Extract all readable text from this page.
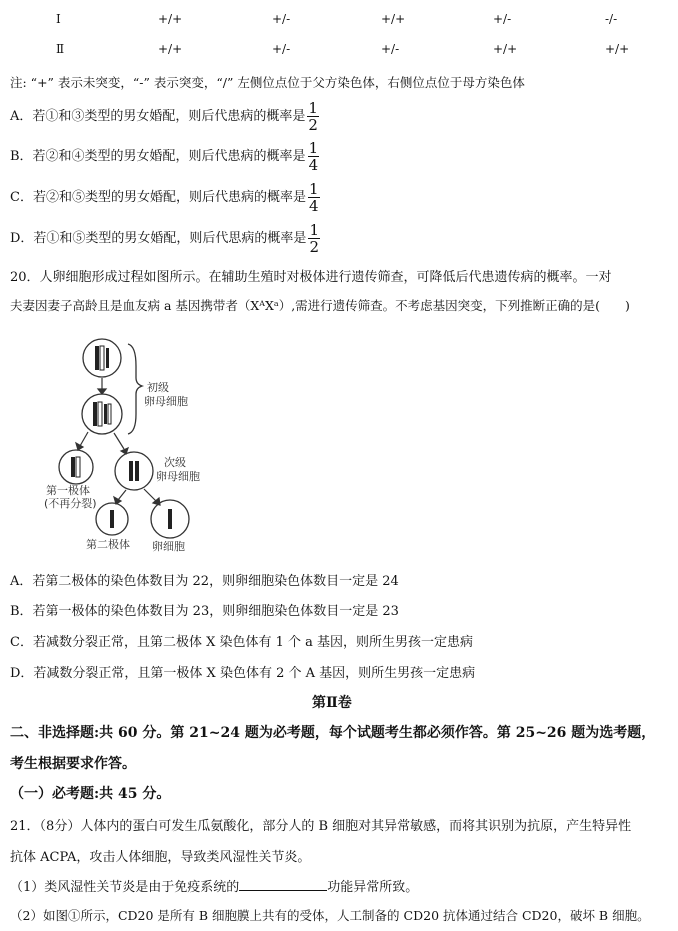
Ⅰ	+/+	+/-	+/+	+/-	-/-
Ⅱ	+/+	+/-	+/-	+/+	+/+
注: “+” 表示未突变，“-” 表示突变，“/” 左侧位点位于父方染色体，右侧位点位于母方染色体
A．若①和③类型的男女婚配，则后代患病的概率是 $\frac{1}{2}$
B．若②和④类型的男女婚配，则后代患病的概率是 $\frac{1}{4}$
C．若②和⑤类型的男女婚配，则后代患病的概率是 $\frac{1}{4}$
D．若①和⑤类型的男女婚配，则后代思病的概率是 $\frac{1}{2}$
20．人卵细胞形成过程如图所示。在辅助生殖时对极体进行遗传筛查，可降低后代患遗传病的概率。一对
夫妻因妻子高龄且是血友病 a 基因携带者（XᴬXᵃ）,需进行遗传筛查。不考虑基因突变，下列推断正确的是(　　)
初级
卵母细胞
次级
卵母细胞
第一极体
(不再分裂)
第二极体 卵细胞
A．若第二极体的染色体数目为 22，则卵细胞染色体数目一定是 24
B．若第一极体的染色体数目为 23，则卵细胞染色体数目一定是 23
C．若减数分裂正常，且第二极体 X 染色体有 1 个 a 基因，则所生男孩一定患病
D．若减数分裂正常，且第一极体 X 染色体有 2 个 A 基因，则所生男孩一定患病
第Ⅱ卷
二、非选择题:共 60 分。第 21~24 题为必考题，每个试题考生都必须作答。第 25~26 题为选考题，
考生根据要求作答。
（一）必考题:共 45 分。
21．（8分）人体内的蛋白可发生瓜氨酸化，部分人的 B 细胞对其异常敏感，而将其识别为抗原，产生特异性
抗体 ACPA，攻击人体细胞，导致类风湿性关节炎。
（1）类风湿性关节炎是由于免疫系统的	功能异常所致。
（2）如图①所示，CD20 是所有 B 细胞膜上共有的受体，人工制备的 CD20 抗体通过结合 CD20，破坏 B 细胞。
